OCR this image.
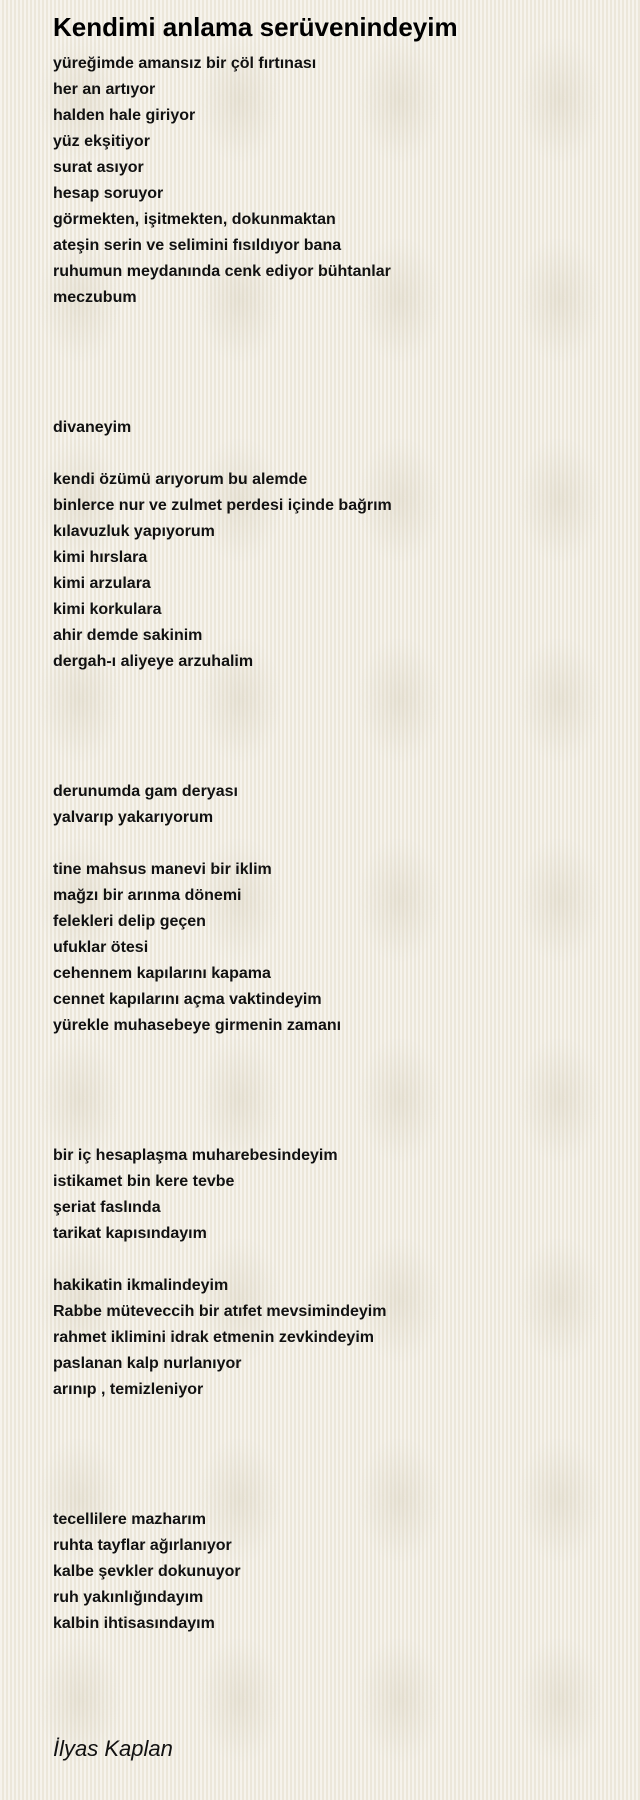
Kendimi anlama serüvenindeyim
yüreğimde amansız bir çöl fırtınası
her an artıyor
halden hale giriyor
yüz ekşitiyor
surat asıyor
hesap soruyor
görmekten, işitmekten, dokunmaktan
ateşin serin ve selimini fısıldıyor bana
ruhumun meydanında cenk ediyor bühtanlar
meczubum
divaneyim
kendi özümü arıyorum bu alemde
binlerce nur ve zulmet perdesi içinde bağrım
kılavuzluk yapıyorum
kimi hırslara
kimi arzulara
kimi korkulara
ahir demde sakinim
dergah-ı aliyeye arzuhalim
derunumda gam deryası
yalvarıp yakarıyorum
tine mahsus manevi bir iklim
mağzı bir arınma dönemi
felekleri delip geçen
ufuklar ötesi
cehennem kapılarını kapama
cennet kapılarını açma vaktindeyim
yürekle muhasebeye girmenin zamanı
bir iç hesaplaşma muharebesindeyim
istikamet bin kere tevbe
şeriat faslında
tarikat kapısındayım
hakikatin ikmalindeyim
Rabbe müteveccih bir atıfet mevsimindeyim
rahmet iklimini idrak etmenin zevkindeyim
paslanan kalp nurlanıyor
arınıp , temizleniyor
tecellilere mazharım
ruhta tayflar ağırlanıyor
kalbe şevkler dokunuyor
ruh yakınlığındayım
kalbin ihtisasındayım
İlyas Kaplan
